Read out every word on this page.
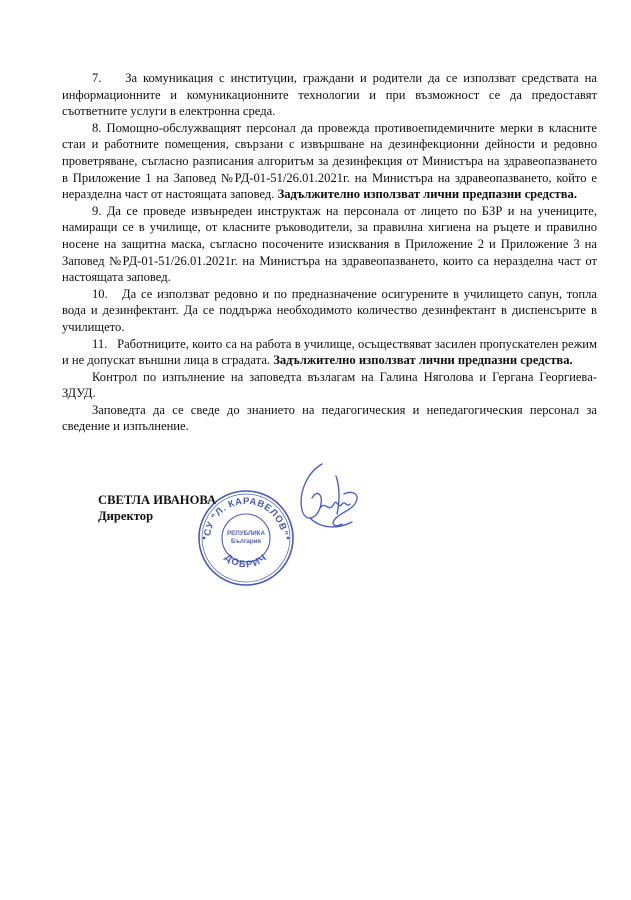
7. За комуникация с институции, граждани и родители да се използват средствата на информационните и комуникационните технологии и при възможност се да предоставят съответните услуги в електронна среда.

8. Помощно-обслужващият персонал да провежда противоепидемичните мерки в класните стаи и работните помещения, свързани с извършване на дезинфекционни дейности и редовно проветряване, съгласно разписания алгоритъм за дезинфекция от Министъра на здравеопазването в Приложение 1 на Заповед №РД-01-51/26.01.2021г. на Министъра на здравеопазването, който е неразделна част от настоящата заповед. Задължително използват лични предпазни средства.

9. Да се проведе извънреден инструктаж на персонала от лицето по БЗР и на учениците, намиращи се в училище, от класните ръководители, за правилна хигиена на ръцете и правилно носене на защитна маска, съгласно посочените изисквания в Приложение 2 и Приложение 3 на Заповед №РД-01-51/26.01.2021г. на Министъра на здравеопазването, които са неразделна част от настоящата заповед.

10. Да се използват редовно и по предназначение осигурените в училището сапун, топла вода и дезинфектант. Да се поддържа необходимото количество дезинфектант в диспенсърите в училището.

11. Работниците, които са на работа в училище, осъществяват засилен пропускателен режим и не допускат външни лица в сградата. Задължително използват лични предпазни средства.

Контрол по изпълнение на заповедта възлагам на Галина Няголова и Гергана Георгиева-ЗДУД.

Заповедта да се сведе до знанието на педагогическия и непедагогическия персонал за сведение и изпълнение.

СВЕТЛА ИВАНОВА
Директор
СУ "Л. КАРАВЕЛОВ"
ДОБРИЧ
РЕПУБЛИКА
България
